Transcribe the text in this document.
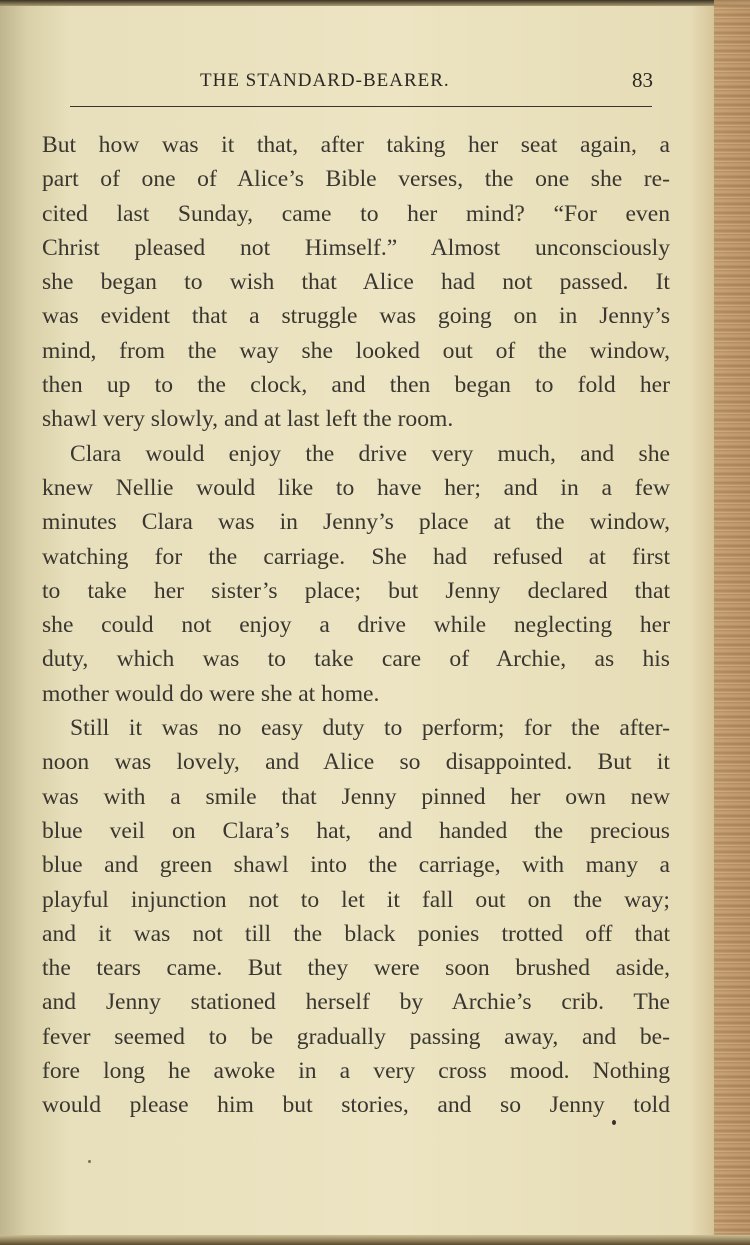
THE STANDARD-BEARER.	83
But how was it that, after taking her seat again, a
part of one of Alice’s Bible verses, the one she re-
cited last Sunday, came to her mind? “For even
Christ pleased not Himself.” Almost unconsciously
she began to wish that Alice had not passed. It
was evident that a struggle was going on in Jenny’s
mind, from the way she looked out of the window,
then up to the clock, and then began to fold her
shawl very slowly, and at last left the room.
Clara would enjoy the drive very much, and she
knew Nellie would like to have her; and in a few
minutes Clara was in Jenny’s place at the window,
watching for the carriage. She had refused at first
to take her sister’s place; but Jenny declared that
she could not enjoy a drive while neglecting her
duty, which was to take care of Archie, as his
mother would do were she at home.
Still it was no easy duty to perform; for the after-
noon was lovely, and Alice so disappointed. But it
was with a smile that Jenny pinned her own new
blue veil on Clara’s hat, and handed the precious
blue and green shawl into the carriage, with many a
playful injunction not to let it fall out on the way;
and it was not till the black ponies trotted off that
the tears came. But they were soon brushed aside,
and Jenny stationed herself by Archie’s crib. The
fever seemed to be gradually passing away, and be-
fore long he awoke in a very cross mood. Nothing
would please him but stories, and so Jenny told
